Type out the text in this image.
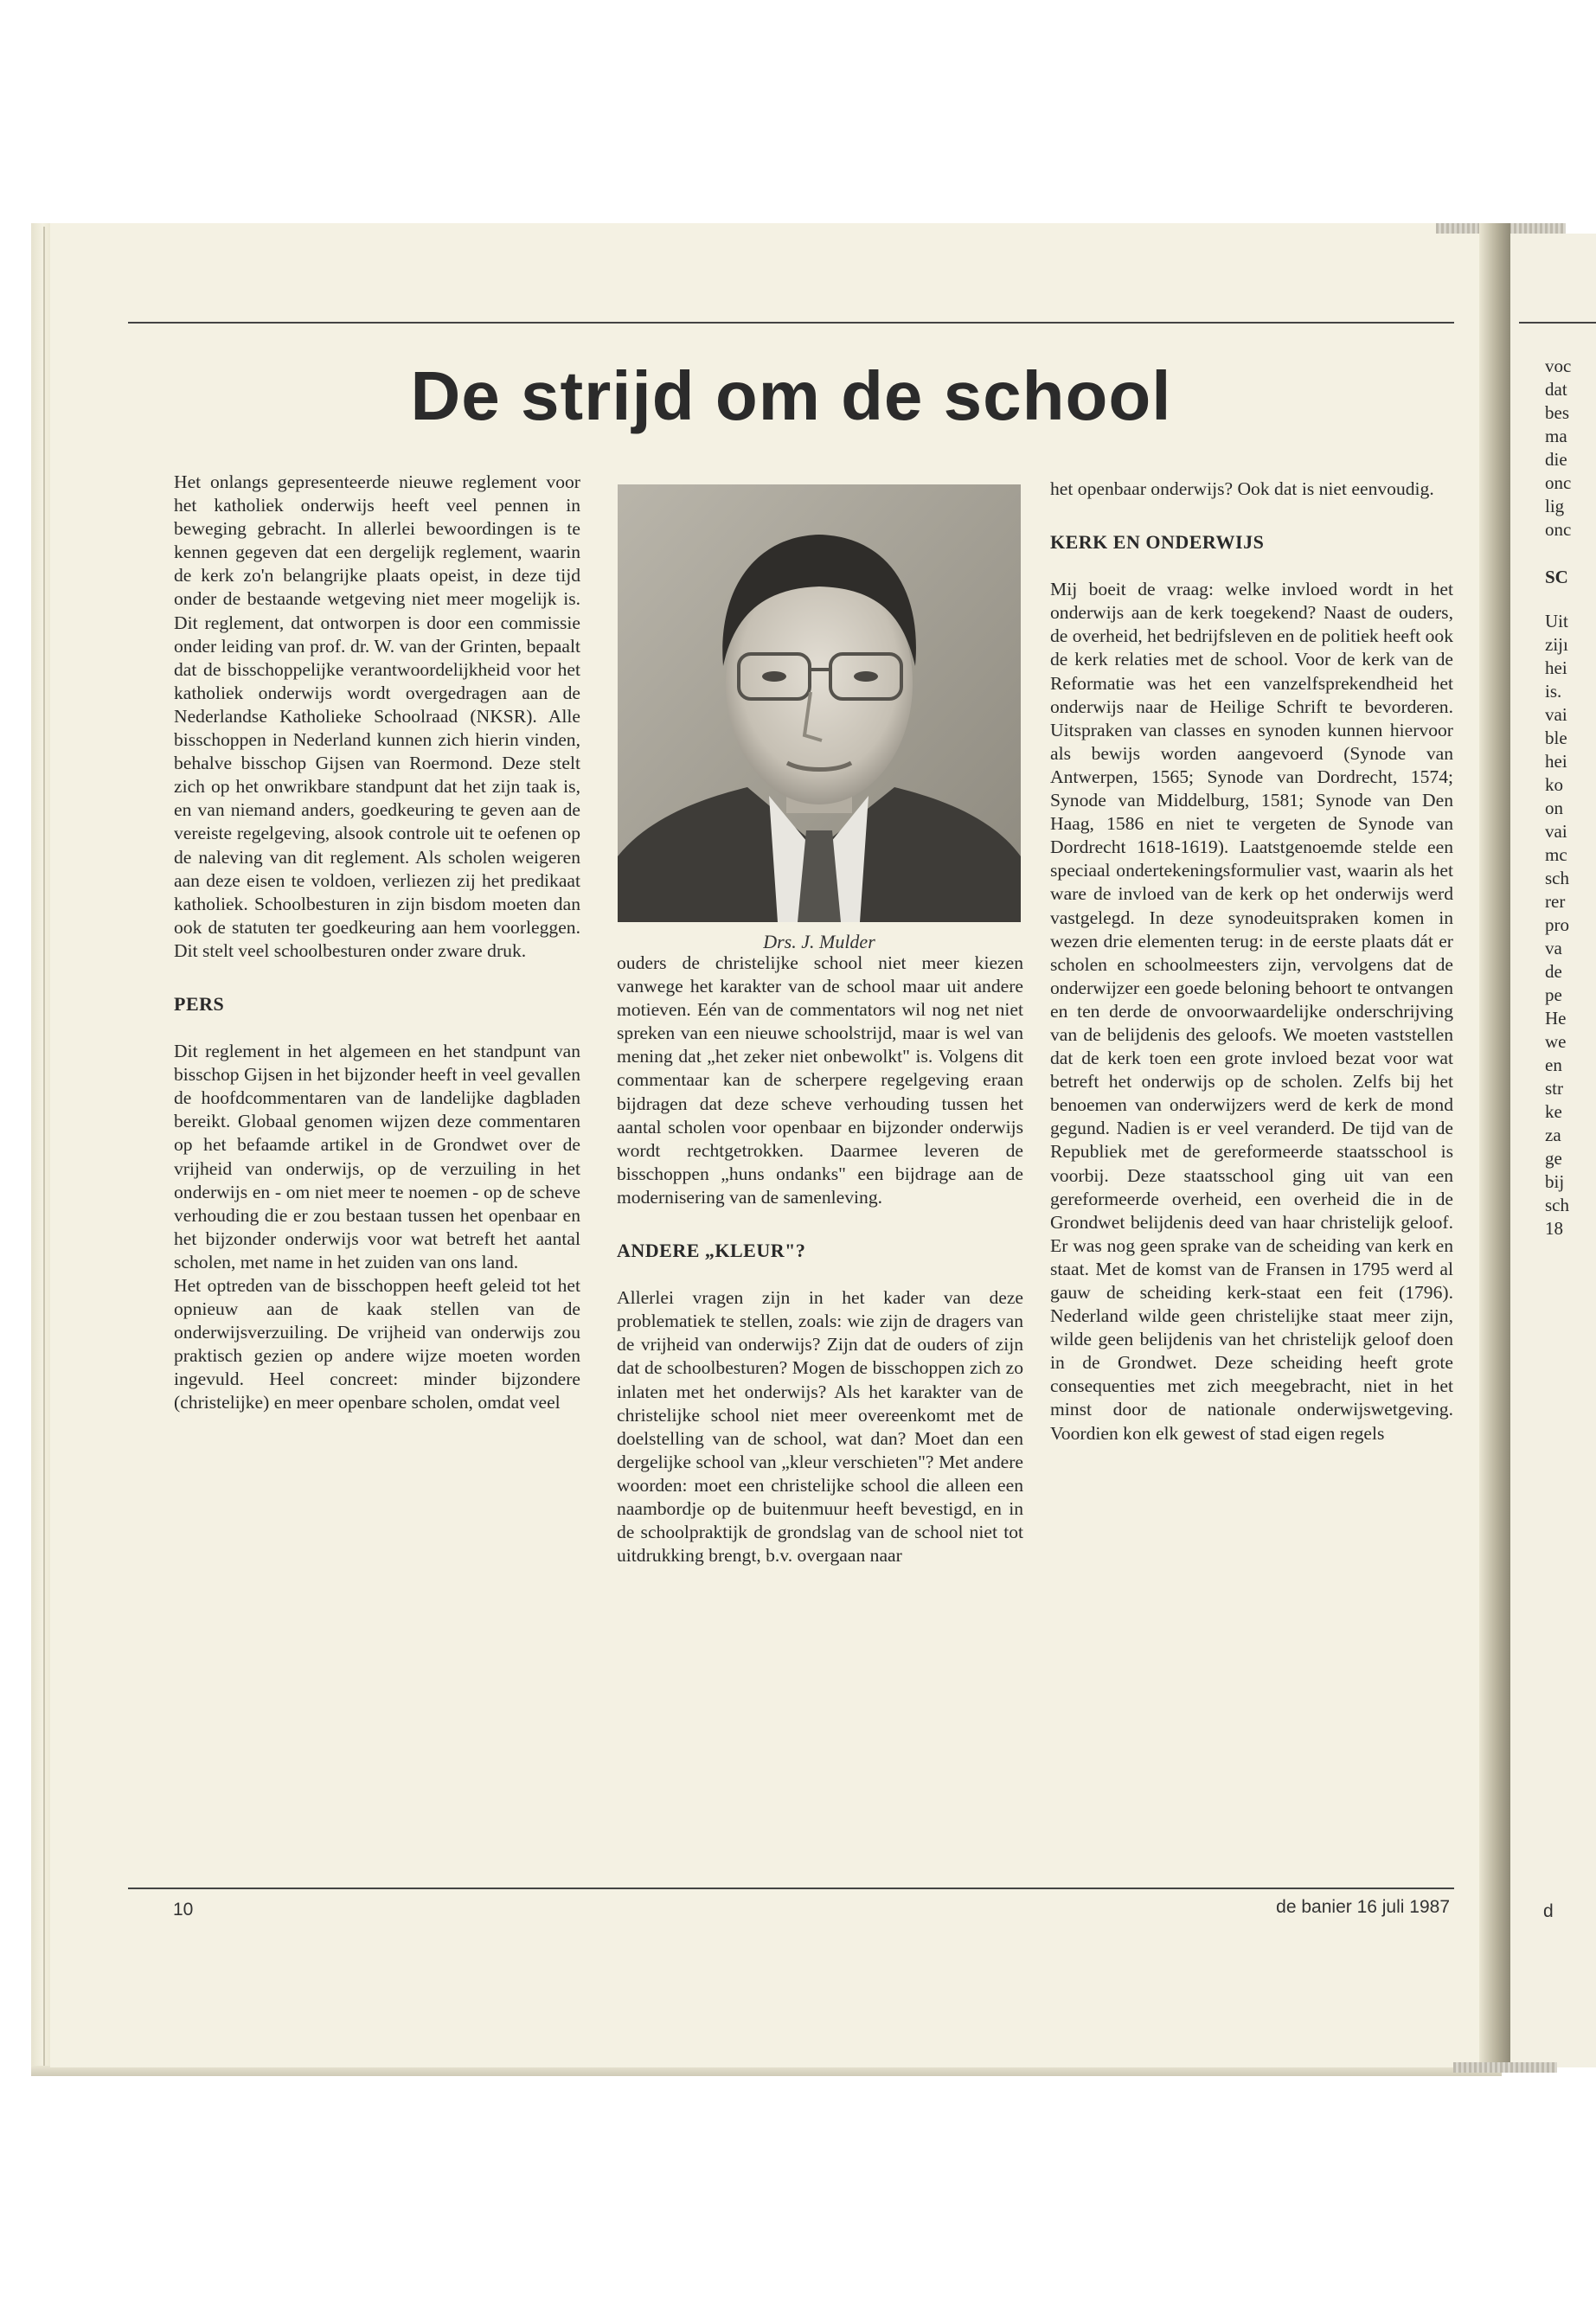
voc
dat
bes
ma
die
onc
lig
onc
SC
Uit
zijı
hei
is.
vai
ble
hei
ko
on
vai
mc
sch
rer
pro
va
de
pe
He
we
en
str
ke
za
ge
bij
sch
18
d
De strijd om de school

Het onlangs gepresenteerde nieuwe reglement voor het katholiek onderwijs heeft veel pennen in beweging gebracht. In allerlei bewoordingen is te kennen gegeven dat een dergelijk reglement, waarin de kerk zo'n belangrijke plaats opeist, in deze tijd onder de bestaande wetgeving niet meer mogelijk is. Dit reglement, dat ontworpen is door een commissie onder leiding van prof. dr. W. van der Grinten, bepaalt dat de bisschoppelijke verantwoordelijkheid voor het katholiek onderwijs wordt overgedragen aan de Nederlandse Katholieke Schoolraad (NKSR). Alle bisschoppen in Nederland kunnen zich hierin vinden, behalve bisschop Gijsen van Roermond. Deze stelt zich op het onwrikbare standpunt dat het zijn taak is, en van niemand anders, goedkeuring te geven aan de vereiste regelgeving, alsook controle uit te oefenen op de naleving van dit reglement. Als scholen weigeren aan deze eisen te voldoen, verliezen zij het predikaat katholiek. Schoolbesturen in zijn bisdom moeten dan ook de statuten ter goedkeuring aan hem voorleggen. Dit stelt veel schoolbesturen onder zware druk.

PERS

Dit reglement in het algemeen en het standpunt van bisschop Gijsen in het bijzonder heeft in veel gevallen de hoofdcommentaren van de landelijke dagbladen bereikt. Globaal genomen wijzen deze commentaren op het befaamde artikel in de Grondwet over de vrijheid van onderwijs, op de verzuiling in het onderwijs en - om niet meer te noemen - op de scheve verhouding die er zou bestaan tussen het openbaar en het bijzonder onderwijs voor wat betreft het aantal scholen, met name in het zuiden van ons land.

Het optreden van de bisschoppen heeft geleid tot het opnieuw aan de kaak stellen van de onderwijsverzuiling. De vrijheid van onderwijs zou praktisch gezien op andere wijze moeten worden ingevuld. Heel concreet: minder bijzondere (christelijke) en meer openbare scholen, omdat veel

Drs. J. Mulder

ouders de christelijke school niet meer kiezen vanwege het karakter van de school maar uit andere motieven. Eén van de commentators wil nog net niet spreken van een nieuwe schoolstrijd, maar is wel van mening dat „het zeker niet onbewolkt" is. Volgens dit commentaar kan de scherpere regelgeving eraan bijdragen dat deze scheve verhouding tussen het aantal scholen voor openbaar en bijzonder onderwijs wordt rechtgetrokken. Daarmee leveren de bisschoppen „huns ondanks" een bijdrage aan de modernisering van de samenleving.

ANDERE „KLEUR"?

Allerlei vragen zijn in het kader van deze problematiek te stellen, zoals: wie zijn de dragers van de vrijheid van onderwijs? Zijn dat de ouders of zijn dat de schoolbesturen? Mogen de bisschoppen zich zo inlaten met het onderwijs? Als het karakter van de christelijke school niet meer overeenkomt met de doelstelling van de school, wat dan? Moet dan een dergelijke school van „kleur verschieten"? Met andere woorden: moet een christelijke school die alleen een naambordje op de buitenmuur heeft bevestigd, en in de schoolpraktijk de grondslag van de school niet tot uitdrukking brengt, b.v. overgaan naar

het openbaar onderwijs? Ook dat is niet eenvoudig.

KERK EN ONDERWIJS

Mij boeit de vraag: welke invloed wordt in het onderwijs aan de kerk toegekend? Naast de ouders, de overheid, het bedrijfsleven en de politiek heeft ook de kerk relaties met de school. Voor de kerk van de Reformatie was het een vanzelfsprekendheid het onderwijs naar de Heilige Schrift te bevorderen. Uitspraken van classes en synoden kunnen hiervoor als bewijs worden aangevoerd (Synode van Antwerpen, 1565; Synode van Dordrecht, 1574; Synode van Middelburg, 1581; Synode van Den Haag, 1586 en niet te vergeten de Synode van Dordrecht 1618-1619). Laatstgenoemde stelde een speciaal ondertekeningsformulier vast, waarin als het ware de invloed van de kerk op het onderwijs werd vastgelegd. In deze synodeuitspraken komen in wezen drie elementen terug: in de eerste plaats dát er scholen en schoolmeesters zijn, vervolgens dat de onderwijzer een goede beloning behoort te ontvangen en ten derde de onvoorwaardelijke onderschrijving van de belijdenis des geloofs. We moeten vaststellen dat de kerk toen een grote invloed bezat voor wat betreft het onderwijs op de scholen. Zelfs bij het benoemen van onderwijzers werd de kerk de mond gegund. Nadien is er veel veranderd. De tijd van de Republiek met de gereformeerde staatsschool is voorbij. Deze staatsschool ging uit van een gereformeerde overheid, een overheid die in de Grondwet belijdenis deed van haar christelijk geloof. Er was nog geen sprake van de scheiding van kerk en staat. Met de komst van de Fransen in 1795 werd al gauw de scheiding kerk-staat een feit (1796). Nederland wilde geen christelijke staat meer zijn, wilde geen belijdenis van het christelijk geloof doen in de Grondwet. Deze scheiding heeft grote consequenties met zich meegebracht, niet in het minst door de nationale onderwijswetgeving. Voordien kon elk gewest of stad eigen regels

10	de banier 16 juli 1987
